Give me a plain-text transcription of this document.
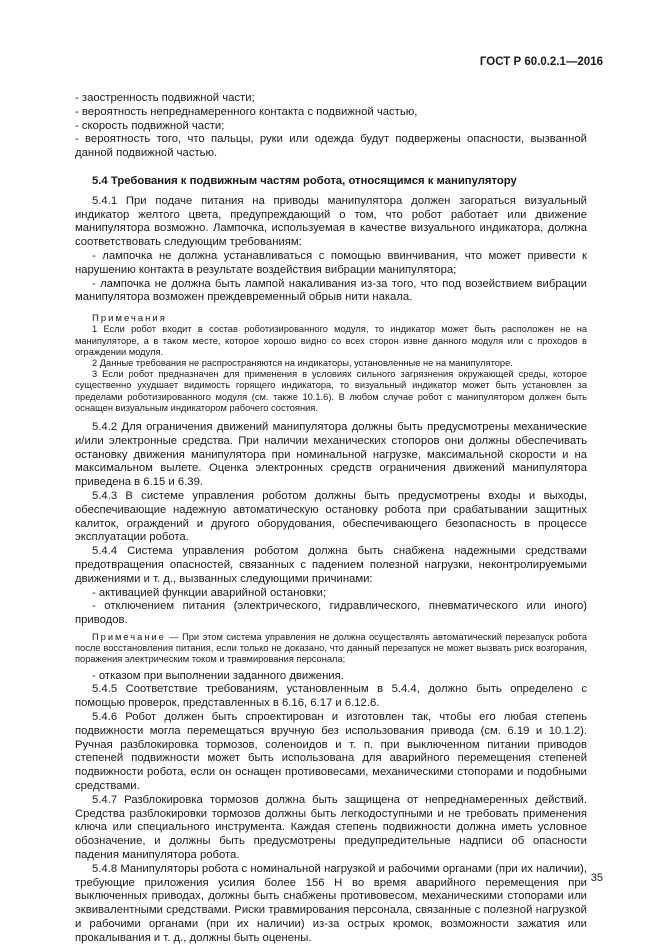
ГОСТ Р 60.0.2.1—2016

- заостренность подвижной части;

- вероятность непреднамеренного контакта с подвижной частью,

- скорость подвижной части;

- вероятность того, что пальцы, руки или одежда будут подвержены опасности, вызванной данной подвижной частью.

5.4 Требования к подвижным частям робота, относящимся к манипулятору

5.4.1 При подаче питания на приводы манипулятора должен загораться визуальный индикатор желтого цвета, предупреждающий о том, что робот работает или движение манипулятора возможно. Лампочка, используемая в качестве визуального индикатора, должна соответствовать следующим требованиям:

- лампочка не должна устанавливаться с помощью ввинчивания, что может привести к нарушению контакта в результате воздействия вибрации манипулятора;

- лампочка не должна быть лампой накаливания из-за того, что под возействием вибрации манипулятора возможен преждевременный обрыв нити накала.

Примечания

1 Если робот входит в состав роботизированного модуля, то индикатор может быть расположен не на манипуляторе, а в таком месте, которое хорошо видно со всех сторон извне данного модуля или с проходов в ограждении модуля.

2 Данные требования не распространяются на индикаторы, установленные не на манипуляторе.

3 Если робот предназначен для применения в условиях сильного загрязнения окружающей среды, которое существенно ухудшает видимость горящего индикатора, то визуальный индикатор может быть установлен за пределами роботизированного модуля (см. также 10.1.6). В любом случае робот с манипулятором должен быть оснащен визуальным индикатором рабочего состояния.

5.4.2 Для ограничения движений манипулятора должны быть предусмотрены механические и/или электронные средства. При наличии механических стопоров они должны обеспечивать остановку движения манипулятора при номинальной нагрузке, максимальной скорости и на максимальном вылете. Оценка электронных средств ограничения движений манипулятора приведена в 6.15 и 6.39.

5.4.3 В системе управления роботом должны быть предусмотрены входы и выходы, обеспечивающие надежную автоматическую остановку робота при срабатывании защитных калиток, ограждений и другого оборудования, обеспечивающего безопасность в процессе эксплуатации робота.

5.4.4 Система управления роботом должна быть снабжена надежными средствами предотвращения опасностей, связанных с падением полезной нагрузки, неконтролируемыми движениями и т. д., вызванных следующими причинами:

- активацией функции аварийной остановки;

- отключением питания (электрического, гидравлического, пневматического или иного) приводов.

Примечание — При этом система управления не должна осуществлять автоматический перезапуск робота после восстановления питания, если только не доказано, что данный перезапуск не может вызвать риск возгорания, поражения электрическим током и травмирования персонала;

- отказом при выполнении заданного движения.

5.4.5 Соответствие требованиям, установленным в 5.4.4, должно быть определено с помощью проверок, представленных в 6.16, 6.17 и 6.12.6.

5.4.6 Робот должен быть спроектирован и изготовлен так, чтобы его любая степень подвижности могла перемещаться вручную без использования привода (см. 6.19 и 10.1.2). Ручная разблокировка тормозов, соленоидов и т. п. при выключенном питании приводов степеней подвижности может быть использована для аварийного перемещения степеней подвижности робота, если он оснащен противовесами, механическими стопорами и подобными средствами.

5.4.7 Разблокировка тормозов должна быть защищена от непреднамеренных действий. Средства разблокировки тормозов должны быть легкодоступными и не требовать применения ключа или специального инструмента. Каждая степень подвижности должна иметь условное обозначение, и должны быть предусмотрены предупредительные надписи об опасности падения манипулятора робота.

5.4.8 Манипуляторы робота с номинальной нагрузкой и рабочими органами (при их наличии), требующие приложения усилия более 156 Н во время аварийного перемещения при выключенных приводах, должны быть снабжены противовесом, механическими стопорами или эквивалентными средствами. Риски травмирования персонала, связанные с полезной нагрузкой и рабочими органами (при их наличии) из-за острых кромок, возможности зажатия или прокалывания и т. д., должны быть оценены.

35
